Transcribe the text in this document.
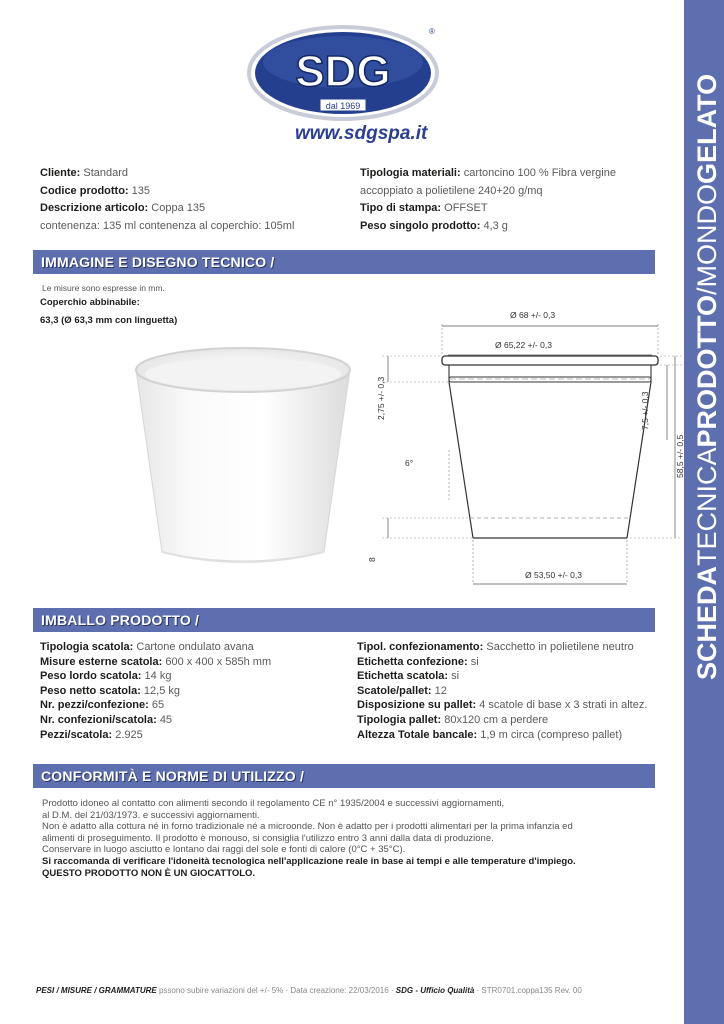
SCHEDATECNICAPRODOTTO/MONDOGELATO
SDG
dal 1969
®
www.sdgspa.it
Cliente: Standard
Codice prodotto: 135
Descrizione articolo: Coppa 135
contenenza: 135 ml contenenza al coperchio: 105ml
Tipologia materiali: cartoncino 100 % Fibra vergine
accoppiato a polietilene 240+20 g/mq
Tipo di stampa: OFFSET
Peso singolo prodotto: 4,3 g
IMMAGINE E DISEGNO TECNICO /
Le misure sono espresse in mm.
Coperchio abbinabile:
63,3 (Ø 63,3 mm con linguetta)	Ø 68 +/- 0,3
Ø 65,22 +/- 0,3
6°
2,75 +/- 0,3
8
7,5 +/- 0,3
58,5 +/- 0,5
Ø 53,50 +/- 0,3
IMBALLO PRODOTTO /
Tipologia scatola: Cartone ondulato avana
Misure esterne scatola: 600 x 400 x 585h mm
Peso lordo scatola: 14 kg
Peso netto scatola: 12,5 kg
Nr. pezzi/confezione: 65
Nr. confezioni/scatola: 45
Pezzi/scatola: 2.925
Tipol. confezionamento: Sacchetto in polietilene neutro
Etichetta confezione: si
Etichetta scatola: si
Scatole/pallet: 12
Disposizione su pallet: 4 scatole di base x 3 strati in altez.
Tipologia pallet: 80x120 cm a perdere
Altezza Totale bancale: 1,9 m circa (compreso pallet)
CONFORMITÀ E NORME DI UTILIZZO /
Prodotto idoneo al contatto con alimenti secondo il regolamento CE n° 1935/2004 e successivi aggiornamenti,
al D.M. del 21/03/1973. e successivi aggiornamenti.
Non è adatto alla cottura né in forno tradizionale né a microonde. Non è adatto per i prodotti alimentari per la prima infanzia ed
alimenti di proseguimento. Il prodotto è monouso, si consiglia l'utilizzo entro 3 anni dalla data di produzione.
Conservare in luogo asciutto e lontano dai raggi del sole e fonti di calore (0°C + 35°C).
Si raccomanda di verificare l'idoneità tecnologica nell'applicazione reale in base ai tempi e alle temperature d'impiego.
QUESTO PRODOTTO NON È UN GIOCATTOLO.
PESI / MISURE / GRAMMATURE pssono subire variazioni del +/- 5% · Data creazione: 22/03/2016 · SDG - Ufficio Qualità · STR0701.coppa135 Rev. 00
